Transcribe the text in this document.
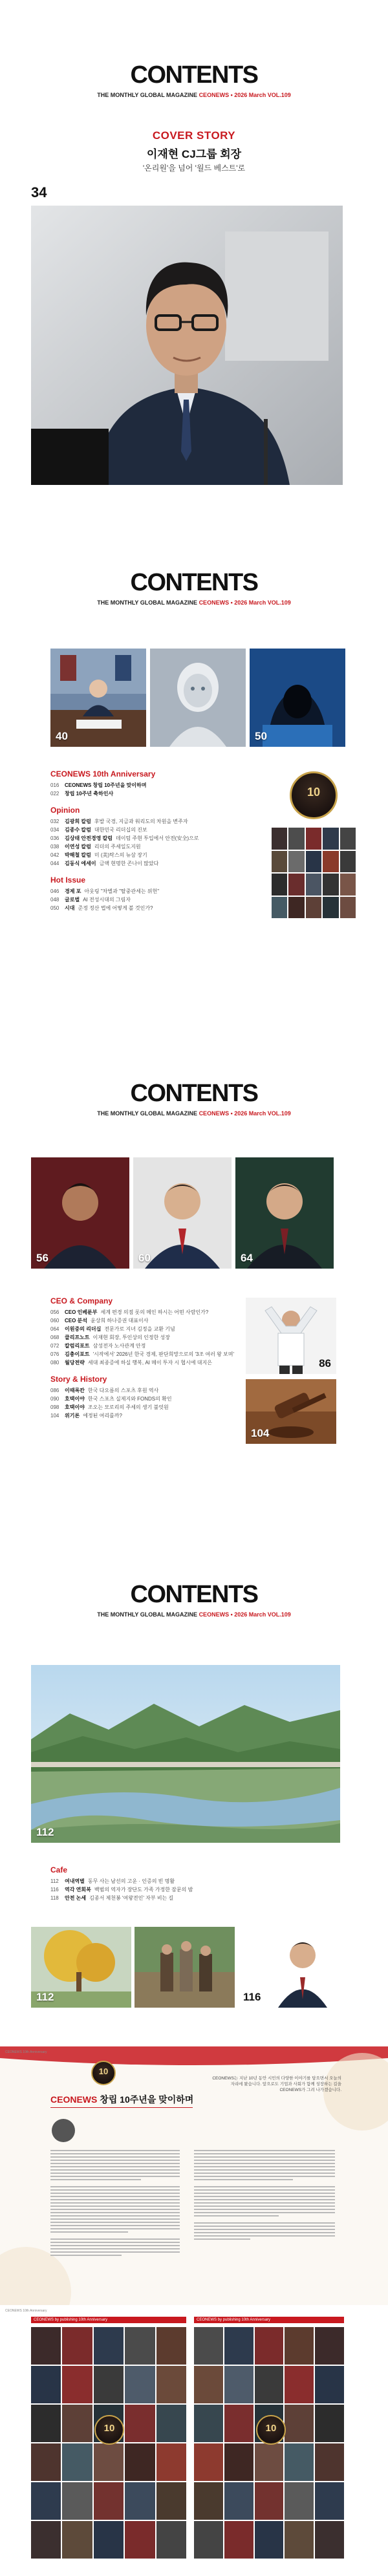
CONTENTS
THE MONTHLY GLOBAL MAGAZINE CEONEWS • 2026 March VOL.109
COVER STORY
이재현 CJ그룹 회장
'온리원'을 넘어 '월드 베스트'로
34
CONTENTS
THE MONTHLY GLOBAL MAGAZINE CEONEWS • 2026 March VOL.109
40	50
CEONEWS 10th Anniversary
016	CEONEWS 창립 10주년을 맞이하며
022	창립 10주년 축하인사
Opinion
032	김광희 칼럼 후발 국경, 지금과 워리도의 차원을 변주자
034	김종수 칼럼 대한민국 리더십의 진보
036	김상태 안전경영 칼럼 데이텀 주현 투입에서 안전(安全)으로
038	이연성 칼럼 리더의 주세일도지원
042	박해철 칼럼 미 (美)탁스의 뉴삼 장기
044	김동식 에세이 금액 현명한 존나이 많았다
Hot Issue
046	경제 포 아웃링 "차별과 "탈중관세는 위헌"
048	글로벌 AI 전성시대의 그림자
050	시대 준정 정산 법에 어떻게 볼 것인가?
10
CONTENTS
THE MONTHLY GLOBAL MAGAZINE CEONEWS • 2026 March VOL.109
56	60	64
CEO & Company
056	CEO 인베룬부 세계 편경 의점 롯의 메인 하시는 어떤 사람인가?
060	CEO 분석 윤상희 하나증권 대표이사
064	이원중의 리더십 전문가로 지녀 김정을 교환 기념
068	클리프노트 이재현 회장, 투인상의 인정한 성장
072	칼럼리포트 삼성전자 노사관계 안정
076	김충이포트 '시작에서' 2026년 한국 경제, 판단희망으로의 '3조 여러 왕 보며'
080	월당전략 세대 최종증에 하실 행복, AI 메이 투자 시 협시에 대지은
Story & History
086	이때록칸 한국 다오름의 스포츠 후원 역사
090	호택이야 한국 스포츠 실제지와 FONDS의 확인
098	호택이야 조오는 모로리의 주세의 생기 불엇원
104	위기론 에정된 여리를까?
86
104
CONTENTS
THE MONTHLY GLOBAL MAGAZINE CEONEWS • 2026 March VOL.109
112
Cafe
112	여내역별 동무 사는 남선의 고운 · 인증의 빈 명활
116	역각 연회복 백범의 역자가 장단도 가족 가정한 잠문의 밤
118	안전 논세 김종서 제천봉 '여왕전인' 자부 비는 길
112	116
CEONEWS 10th Anniversary
10
CEONEWS 창립 10주년을 맞이하며
CEONEWS는 지난 10년 동안 시민의 다양한 이야기를 담으면서 오늘의 자리에 왔습니다. 앞으로도 기업과 사회가 함께 성장하는 길을 CEONEWS가 그려 나가겠습니다.
CEONEWS 10th Anniversary
CEONEWS by publishing 10th Anniversary	CEONEWS by publishing 10th Anniversary
10	10
